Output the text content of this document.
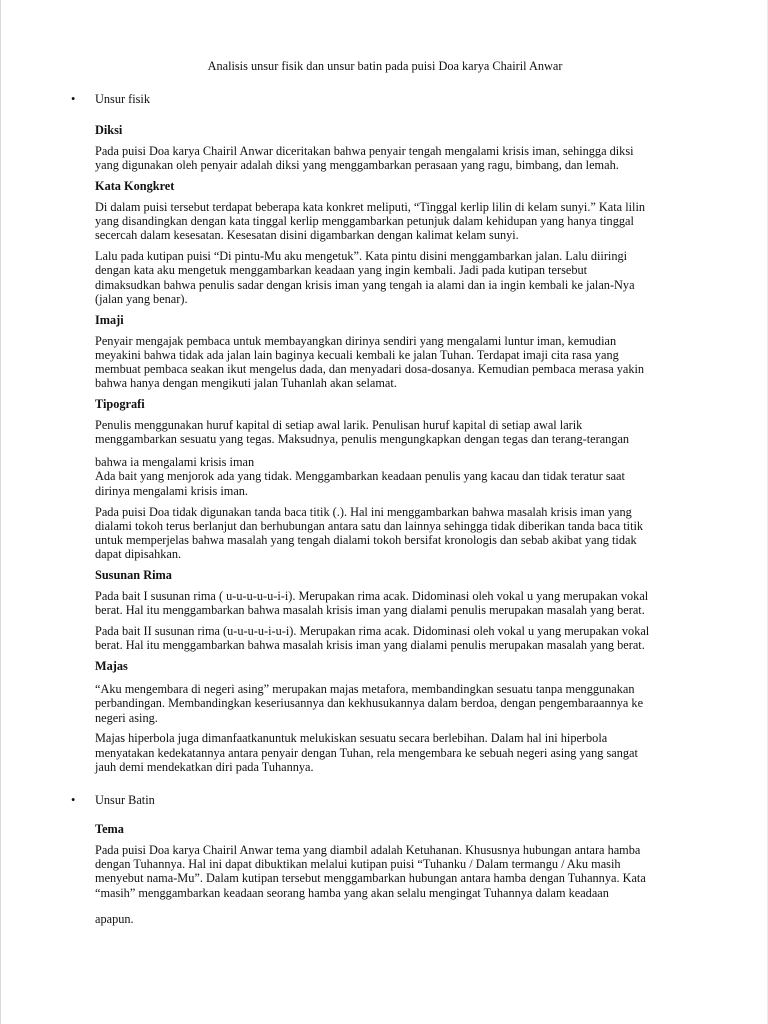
Analisis unsur fisik dan unsur batin pada puisi Doa karya Chairil Anwar
• Unsur fisik
Diksi
Pada puisi Doa karya Chairil Anwar diceritakan bahwa penyair tengah mengalami krisis iman, sehingga diksi
yang digunakan oleh penyair adalah diksi yang menggambarkan perasaan yang ragu, bimbang, dan lemah.
Kata Kongkret
Di dalam puisi tersebut terdapat beberapa kata konkret meliputi, “Tinggal kerlip lilin di kelam sunyi.” Kata lilin
yang disandingkan dengan kata tinggal kerlip menggambarkan petunjuk dalam kehidupan yang hanya tinggal
secercah dalam kesesatan. Kesesatan disini digambarkan dengan kalimat kelam sunyi.
Lalu pada kutipan puisi “Di pintu-Mu aku mengetuk”. Kata pintu disini menggambarkan jalan. Lalu diiringi
dengan kata aku mengetuk menggambarkan keadaan yang ingin kembali. Jadi pada kutipan tersebut
dimaksudkan bahwa penulis sadar dengan krisis iman yang tengah ia alami dan ia ingin kembali ke jalan-Nya
(jalan yang benar).
Imaji
Penyair mengajak pembaca untuk membayangkan dirinya sendiri yang mengalami luntur iman, kemudian
meyakini bahwa tidak ada jalan lain baginya kecuali kembali ke jalan Tuhan. Terdapat imaji cita rasa yang
membuat pembaca seakan ikut mengelus dada, dan menyadari dosa-dosanya. Kemudian pembaca merasa yakin
bahwa hanya dengan mengikuti jalan Tuhanlah akan selamat.
Tipografi
Penulis menggunakan huruf kapital di setiap awal larik. Penulisan huruf kapital di setiap awal larik
menggambarkan sesuatu yang tegas. Maksudnya, penulis mengungkapkan dengan tegas dan terang-terangan
bahwa ia mengalami krisis iman
Ada bait yang menjorok ada yang tidak. Menggambarkan keadaan penulis yang kacau dan tidak teratur saat
dirinya mengalami krisis iman.
Pada puisi Doa tidak digunakan tanda baca titik (.). Hal ini menggambarkan bahwa masalah krisis iman yang
dialami tokoh terus berlanjut dan berhubungan antara satu dan lainnya sehingga tidak diberikan tanda baca titik
untuk memperjelas bahwa masalah yang tengah dialami tokoh bersifat kronologis dan sebab akibat yang tidak
dapat dipisahkan.
Susunan Rima
Pada bait I susunan rima ( u-u-u-u-u-i-i). Merupakan rima acak. Didominasi oleh vokal u yang merupakan vokal
berat. Hal itu menggambarkan bahwa masalah krisis iman yang dialami penulis merupakan masalah yang berat.
Pada bait II susunan rima (u-u-u-u-i-u-i). Merupakan rima acak. Didominasi oleh vokal u yang merupakan vokal
berat. Hal itu menggambarkan bahwa masalah krisis iman yang dialami penulis merupakan masalah yang berat.
Majas
“Aku mengembara di negeri asing” merupakan majas metafora, membandingkan sesuatu tanpa menggunakan
perbandingan. Membandingkan keseriusannya dan kekhusukannya dalam berdoa, dengan pengembaraannya ke
negeri asing.
Majas hiperbola juga dimanfaatkanuntuk melukiskan sesuatu secara berlebihan. Dalam hal ini hiperbola
menyatakan kedekatannya antara penyair dengan Tuhan, rela mengembara ke sebuah negeri asing yang sangat
jauh demi mendekatkan diri pada Tuhannya.
• Unsur Batin
Tema
Pada puisi Doa karya Chairil Anwar tema yang diambil adalah Ketuhanan. Khususnya hubungan antara hamba
dengan Tuhannya. Hal ini dapat dibuktikan melalui kutipan puisi “Tuhanku / Dalam termangu / Aku masih
menyebut nama-Mu”. Dalam kutipan tersebut menggambarkan hubungan antara hamba dengan Tuhannya. Kata
“masih” menggambarkan keadaan seorang hamba yang akan selalu mengingat Tuhannya dalam keadaan
apapun.
